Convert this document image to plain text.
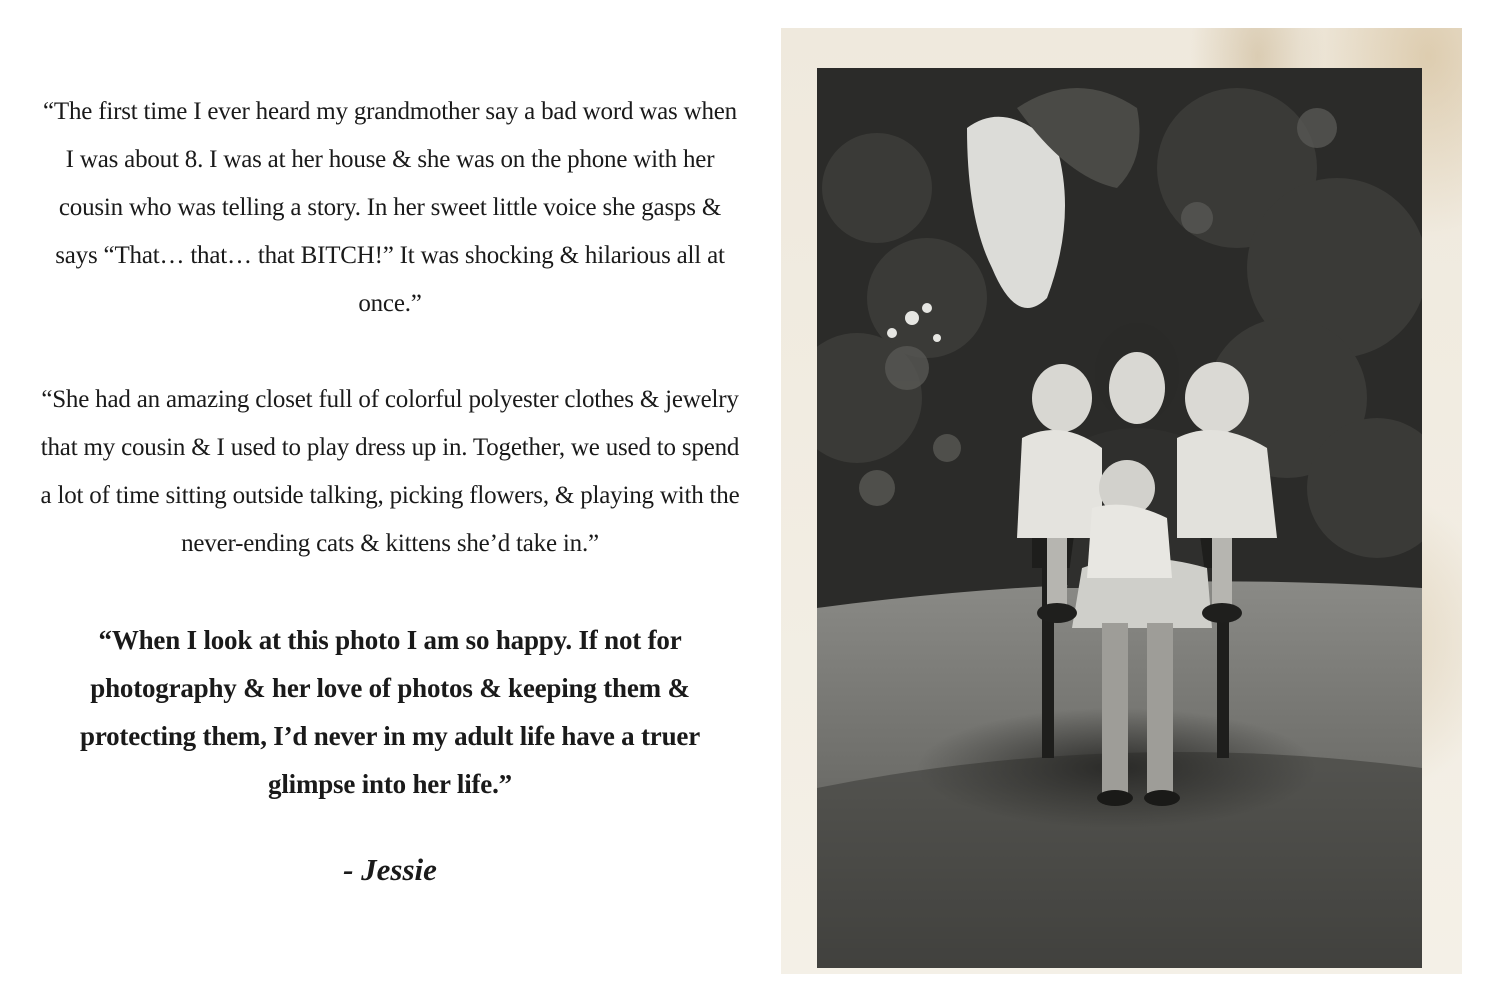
“The first time I ever heard my grandmother say a bad word was when I was about 8. I was at her house & she was on the phone with her cousin who was telling a story. In her sweet little voice she gasps & says “That… that… that BITCH!” It was shocking & hilarious all at once.”

“She had an amazing closet full of colorful polyester clothes & jewelry that my cousin & I used to play dress up in. Together, we used to spend a lot of time sitting outside talking, picking flowers, & playing with the never-ending cats & kittens she’d take in.”

“When I look at this photo I am so happy. If not for photography & her love of photos & keeping them & protecting them, I’d never in my adult life have a truer glimpse into her life.”

- Jessie
